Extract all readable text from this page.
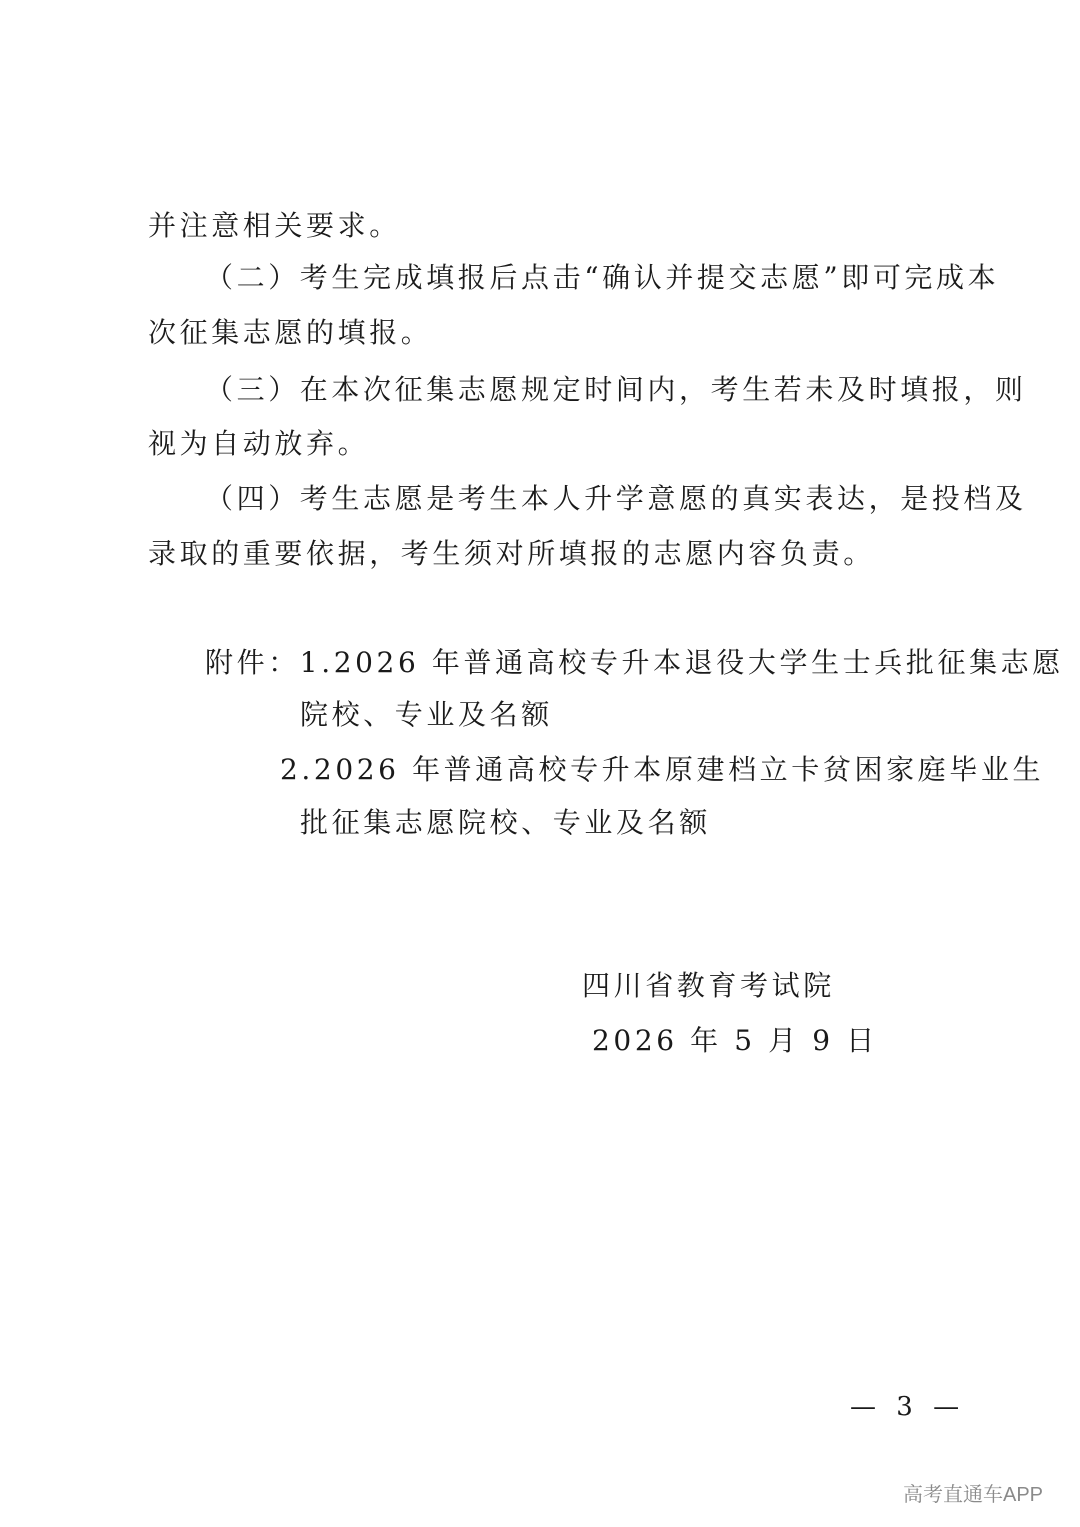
并注意相关要求。
（二）考生完成填报后点击“确认并提交志愿”即可完成本
次征集志愿的填报。
（三）在本次征集志愿规定时间内，考生若未及时填报，则
视为自动放弃。
（四）考生志愿是考生本人升学意愿的真实表达，是投档及
录取的重要依据，考生须对所填报的志愿内容负责。
附件：1.2026 年普通高校专升本退役大学生士兵批征集志愿
院校、专业及名额
2.2026 年普通高校专升本原建档立卡贫困家庭毕业生
批征集志愿院校、专业及名额
四川省教育考试院
2026 年 5 月 9 日
— 3 —
高考直通车APP
